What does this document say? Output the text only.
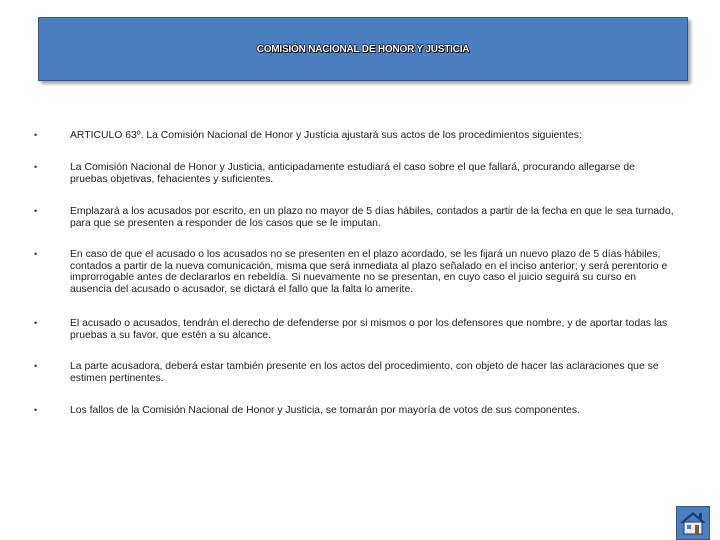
COMISIÓN NACIONAL DE HONOR Y JUSTICIA
•	ARTICULO 63º. La Comisión Nacional de Honor y Justicia ajustará sus actos de los procedimientos siguientes:
•	La Comisión Nacional de Honor y Justicia, anticipadamente estudiará el caso sobre el que fallará, procurando allegarse de pruebas objetivas, fehacientes y suficientes.
•	Emplazará a los acusados por escrito, en un plazo no mayor de 5 días hábiles, contados a partir de la fecha en que le sea turnado, para que se presenten a responder de los casos que se le imputan.
•	En caso de que el acusado o los acusados no se presenten en el plazo acordado, se les fijará un nuevo plazo de 5 días hábiles, contados a partir de la nueva comunicación, misma que será inmediata al plazo señalado en el inciso anterior; y será perentorio e improrrogable antes de declararlos en rebeldía. Si nuevamente no se presentan, en cuyo caso el juicio seguirá su curso en ausencia del acusado o acusador, se dictará el fallo que la falta lo amerite.
•	El acusado o acusados, tendrán el derecho de defenderse por si mismos o por los defensores que nombre, y de aportar todas las pruebas a su favor, que estén a su alcance.
•	La parte acusadora, deberá estar también presente en los actos del procedimiento, con objeto de hacer las aclaraciones que se estimen pertinentes.
•	Los fallos de la Comisión Nacional de Honor y Justicia, se tomarán por mayoría de votos de sus componentes.
